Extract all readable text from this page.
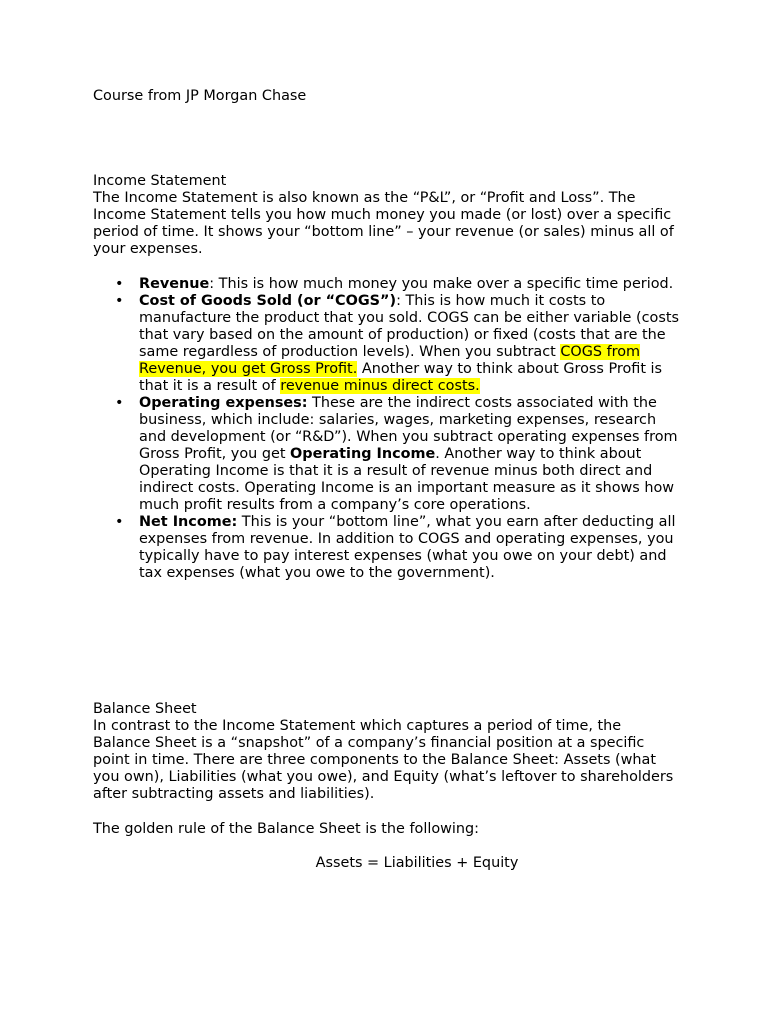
Course from JP Morgan Chase
Income Statement

The Income Statement is also known as the “P&L”, or “Profit and Loss”. The Income Statement tells you how much money you made (or lost) over a specific period of time. It shows your “bottom line” – your revenue (or sales) minus all of your expenses.

• Revenue: This is how much money you make over a specific time period.
• Cost of Goods Sold (or “COGS”): This is how much it costs to manufacture the product that you sold. COGS can be either variable (costs that vary based on the amount of production) or fixed (costs that are the same regardless of production levels). When you subtract COGS from Revenue, you get Gross Profit. Another way to think about Gross Profit is that it is a result of revenue minus direct costs.
• Operating expenses: These are the indirect costs associated with the business, which include: salaries, wages, marketing expenses, research and development (or “R&D”). When you subtract operating expenses from Gross Profit, you get Operating Income. Another way to think about Operating Income is that it is a result of revenue minus both direct and indirect costs. Operating Income is an important measure as it shows how much profit results from a company’s core operations.
• Net Income: This is your “bottom line”, what you earn after deducting all expenses from revenue. In addition to COGS and operating expenses, you typically have to pay interest expenses (what you owe on your debt) and tax expenses (what you owe to the government).
Balance Sheet

In contrast to the Income Statement which captures a period of time, the Balance Sheet is a “snapshot” of a company’s financial position at a specific point in time. There are three components to the Balance Sheet: Assets (what you own), Liabilities (what you owe), and Equity (what’s leftover to shareholders after subtracting assets and liabilities).

The golden rule of the Balance Sheet is the following:
Assets = Liabilities + Equity
